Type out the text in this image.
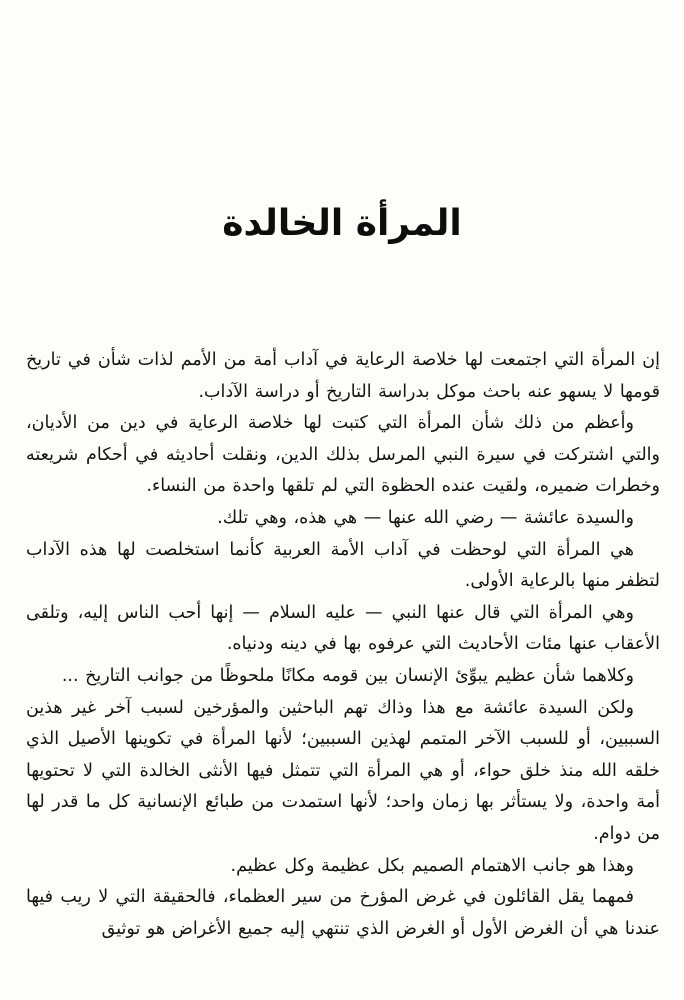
المرأة الخالدة

إن المرأة التي اجتمعت لها خلاصة الرعاية في آداب أمة من الأمم لذات شأن في تاريخ قومها لا يسهو عنه باحث موكل بدراسة التاريخ أو دراسة الآداب.

وأعظم من ذلك شأن المرأة التي كتبت لها خلاصة الرعاية في دين من الأديان، والتي اشتركت في سيرة النبي المرسل بذلك الدين، ونقلت أحاديثه في أحكام شريعته وخطرات ضميره، ولقيت عنده الحظوة التي لم تلقها واحدة من النساء.

والسيدة عائشة — رضي الله عنها — هي هذه، وهي تلك.

هي المرأة التي لوحظت في آداب الأمة العربية كأنما استخلصت لها هذه الآداب لتظفر منها بالرعاية الأولى.

وهي المرأة التي قال عنها النبي — عليه السلام — إنها أحب الناس إليه، وتلقى الأعقاب عنها مئات الأحاديث التي عرفوه بها في دينه ودنياه.

وكلاهما شأن عظيم يبوِّئ الإنسان بين قومه مكانًا ملحوظًا من جوانب التاريخ ...

ولكن السيدة عائشة مع هذا وذاك تهم الباحثين والمؤرخين لسبب آخر غير هذين السببين، أو للسبب الآخر المتمم لهذين السببين؛ لأنها المرأة في تكوينها الأصيل الذي خلقه الله منذ خلق حواء، أو هي المرأة التي تتمثل فيها الأنثى الخالدة التي لا تحتويها أمة واحدة، ولا يستأثر بها زمان واحد؛ لأنها استمدت من طبائع الإنسانية كل ما قدر لها من دوام.

وهذا هو جانب الاهتمام الصميم بكل عظيمة وكل عظيم.

فمهما يقل القائلون في غرض المؤرخ من سير العظماء، فالحقيقة التي لا ريب فيها عندنا هي أن الغرض الأول أو الغرض الذي تنتهي إليه جميع الأغراض هو توثيق
